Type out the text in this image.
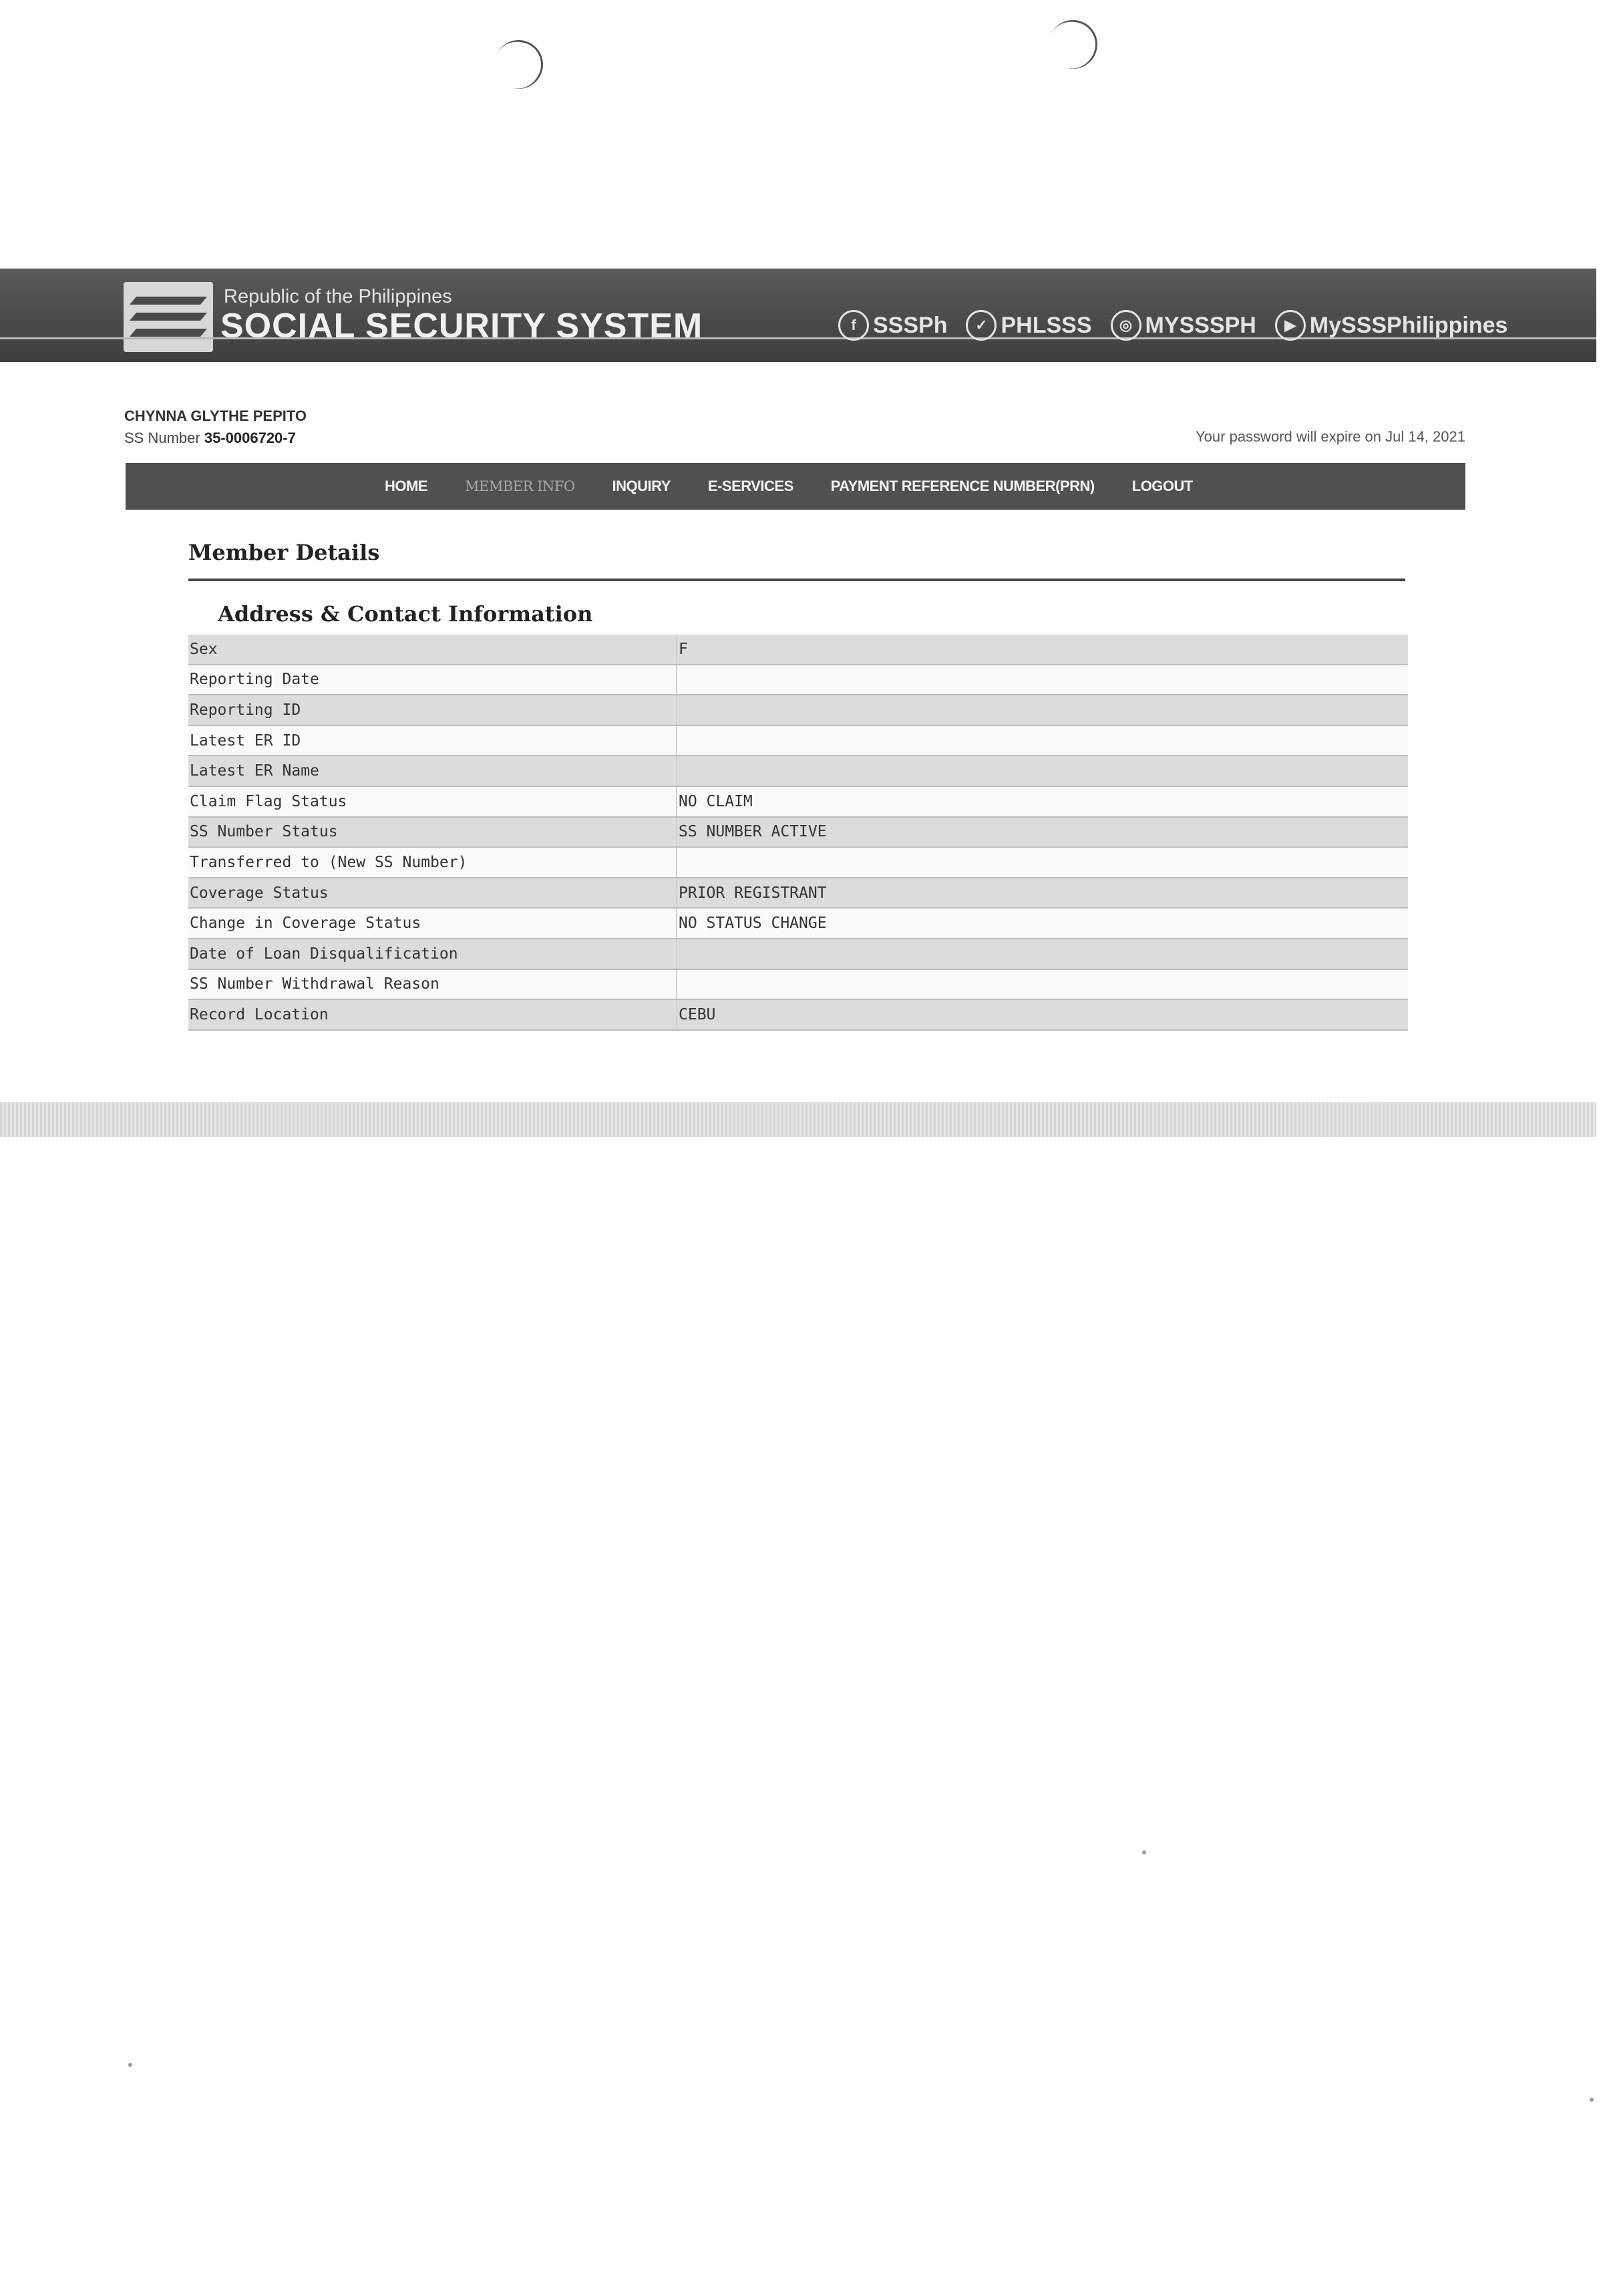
Republic of the Philippines
SOCIAL SECURITY SYSTEM	f SSSPh	✓ PHLSSS	◎ MYSSSPH	▶ MySSSPhilippines
CHYNNA GLYTHE PEPITO
SS Number 35-0006720-7	Your password will expire on Jul 14, 2021
HOME	MEMBER INFO	INQUIRY	E-SERVICES	PAYMENT REFERENCE NUMBER(PRN)	LOGOUT
Member Details
Address & Contact Information
Sex	F
Reporting Date	
Reporting ID	
Latest ER ID	
Latest ER Name	
Claim Flag Status	NO CLAIM
SS Number Status	SS NUMBER ACTIVE
Transferred to (New SS Number)	
Coverage Status	PRIOR REGISTRANT
Change in Coverage Status	NO STATUS CHANGE
Date of Loan Disqualification	
SS Number Withdrawal Reason	
Record Location	CEBU
